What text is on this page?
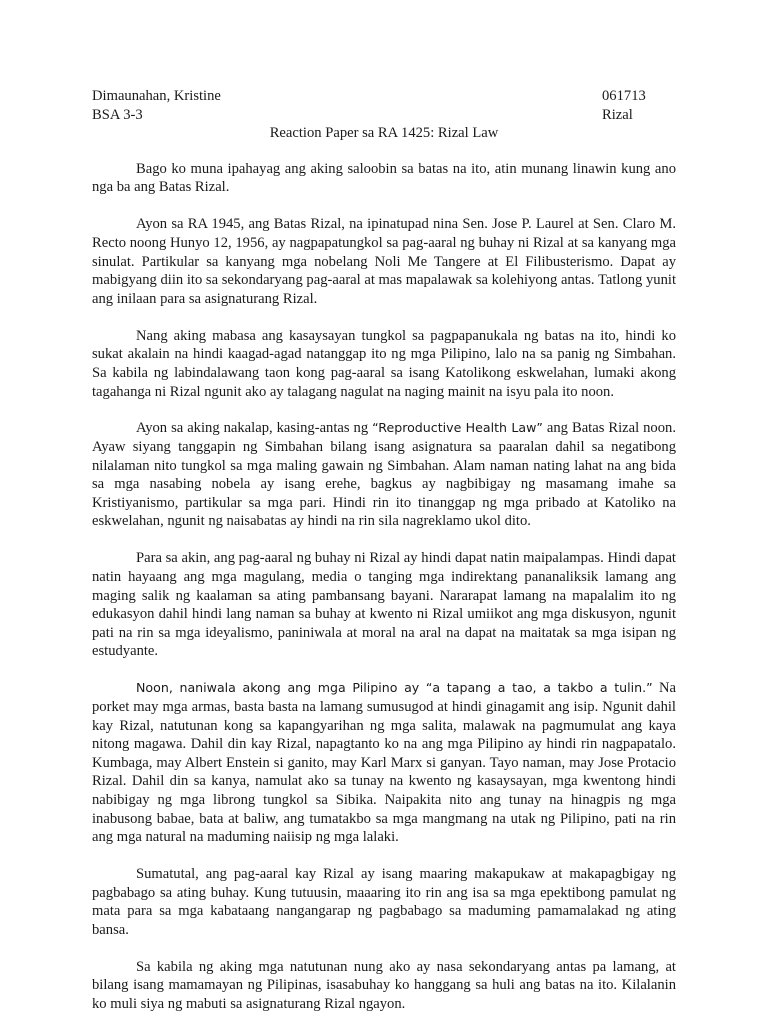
Dimaunahan, Kristine	061713
BSA 3-3	Rizal
Reaction Paper sa RA 1425: Rizal Law

Bago ko muna ipahayag ang aking saloobin sa batas na ito, atin munang linawin kung ano nga ba ang Batas Rizal.

Ayon sa RA 1945, ang Batas Rizal, na ipinatupad nina Sen. Jose P. Laurel at Sen. Claro M. Recto noong Hunyo 12, 1956, ay nagpapatungkol sa pag-aaral ng buhay ni Rizal at sa kanyang mga sinulat. Partikular sa kanyang mga nobelang Noli Me Tangere at El Filibusterismo. Dapat ay mabigyang diin ito sa sekondaryang pag-aaral at mas mapalawak sa kolehiyong antas. Tatlong yunit ang inilaan para sa asignaturang Rizal.

Nang aking mabasa ang kasaysayan tungkol sa pagpapanukala ng batas na ito, hindi ko sukat akalain na hindi kaagad-agad natanggap ito ng mga Pilipino, lalo na sa panig ng Simbahan. Sa kabila ng labindalawang taon kong pag-aaral sa isang Katolikong eskwelahan, lumaki akong tagahanga ni Rizal ngunit ako ay talagang nagulat na naging mainit na isyu pala ito noon.

Ayon sa aking nakalap, kasing-antas ng “Reproductive Health Law” ang Batas Rizal noon. Ayaw siyang tanggapin ng Simbahan bilang isang asignatura sa paaralan dahil sa negatibong nilalaman nito tungkol sa mga maling gawain ng Simbahan. Alam naman nating lahat na ang bida sa mga nasabing nobela ay isang erehe, bagkus ay nagbibigay ng masamang imahe sa Kristiyanismo, partikular sa mga pari. Hindi rin ito tinanggap ng mga pribado at Katoliko na eskwelahan, ngunit ng naisabatas ay hindi na rin sila nagreklamo ukol dito.

Para sa akin, ang pag-aaral ng buhay ni Rizal ay hindi dapat natin maipalampas. Hindi dapat natin hayaang ang mga magulang, media o tanging mga indirektang pananaliksik lamang ang maging salik ng kaalaman sa ating pambansang bayani. Nararapat lamang na mapalalim ito ng edukasyon dahil hindi lang naman sa buhay at kwento ni Rizal umiikot ang mga diskusyon, ngunit pati na rin sa mga ideyalismo, paniniwala at moral na aral na dapat na maitatak sa mga isipan ng estudyante.

Noon, naniwala akong ang mga Pilipino ay “a tapang a tao, a takbo a tulin.” Na porket may mga armas, basta basta na lamang sumusugod at hindi ginagamit ang isip. Ngunit dahil kay Rizal, natutunan kong sa kapangyarihan ng mga salita, malawak na pagmumulat ang kaya nitong magawa. Dahil din kay Rizal, napagtanto ko na ang mga Pilipino ay hindi rin nagpapatalo. Kumbaga, may Albert Enstein si ganito, may Karl Marx si ganyan. Tayo naman, may Jose Protacio Rizal. Dahil din sa kanya, namulat ako sa tunay na kwento ng kasaysayan, mga kwentong hindi nabibigay ng mga librong tungkol sa Sibika. Naipakita nito ang tunay na hinagpis ng mga inabusong babae, bata at baliw, ang tumatakbo sa mga mangmang na utak ng Pilipino, pati na rin ang mga natural na maduming naiisip ng mga lalaki.

Sumatutal, ang pag-aaral kay Rizal ay isang maaring makapukaw at makapagbigay ng pagbabago sa ating buhay. Kung tutuusin, maaaring ito rin ang isa sa mga epektibong pamulat ng mata para sa mga kabataang nangangarap ng pagbabago sa maduming pamamalakad ng ating bansa.

Sa kabila ng aking mga natutunan nung ako ay nasa sekondaryang antas pa lamang, at bilang isang mamamayan ng Pilipinas, isasabuhay ko hanggang sa huli ang batas na ito. Kilalanin ko muli siya ng mabuti sa asignaturang Rizal ngayon.
